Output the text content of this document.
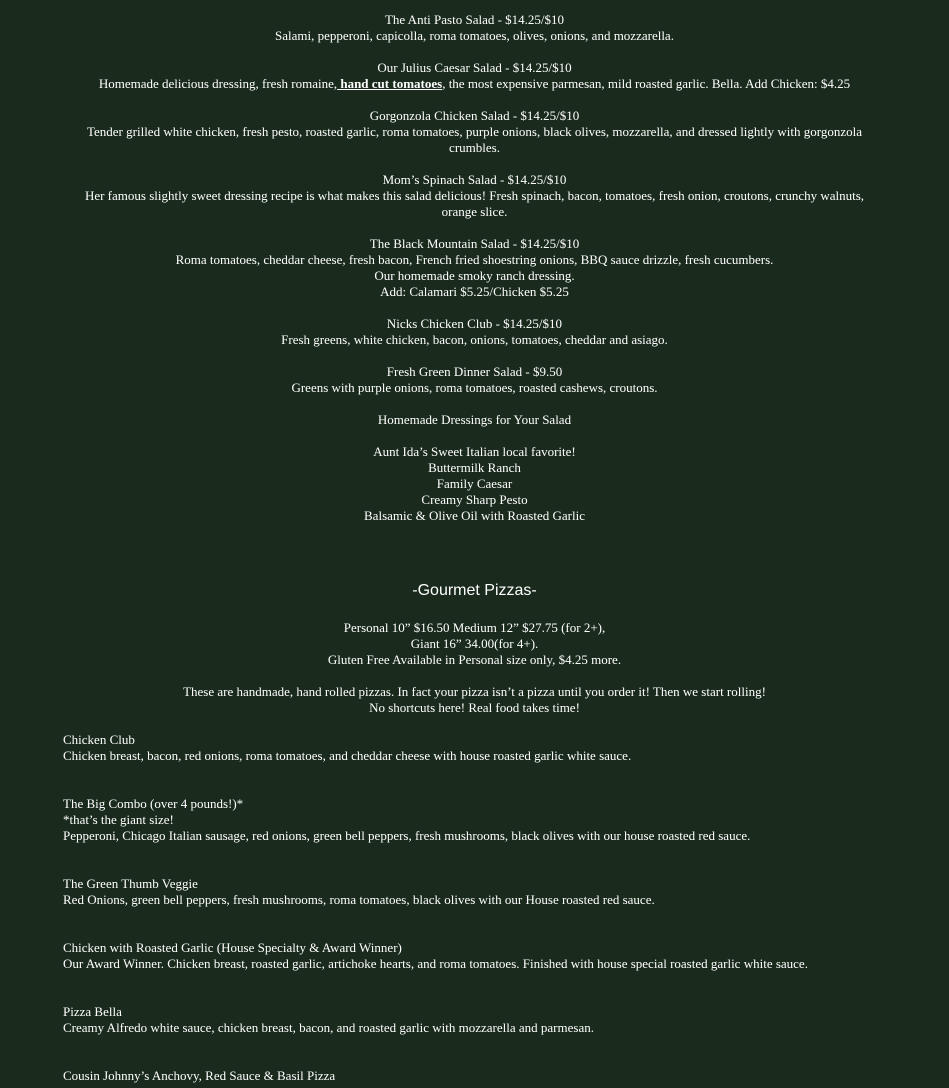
The Anti Pasto Salad - $14.25/$10
Salami, pepperoni, capicolla, roma tomatoes, olives, onions, and mozzarella.
Our Julius Caesar Salad - $14.25/$10
Homemade delicious dressing, fresh romaine, hand cut tomatoes, the most expensive parmesan, mild roasted garlic. Bella. Add Chicken: $4.25
Gorgonzola Chicken Salad - $14.25/$10
Tender grilled white chicken, fresh pesto, roasted garlic, roma tomatoes, purple onions, black olives, mozzarella, and dressed lightly with gorgonzola crumbles.
Mom’s Spinach Salad - $14.25/$10
Her famous slightly sweet dressing recipe is what makes this salad delicious! Fresh spinach, bacon, tomatoes, fresh onion, croutons, crunchy walnuts, orange slice.
The Black Mountain Salad - $14.25/$10
Roma tomatoes, cheddar cheese, fresh bacon, French fried shoestring onions, BBQ sauce drizzle, fresh cucumbers.
Our homemade smoky ranch dressing.
Add: Calamari $5.25/Chicken $5.25
Nicks Chicken Club - $14.25/$10
Fresh greens, white chicken, bacon, onions, tomatoes, cheddar and asiago.
Fresh Green Dinner Salad - $9.50
Greens with purple onions, roma tomatoes, roasted cashews, croutons.
Homemade Dressings for Your Salad
Aunt Ida’s Sweet Italian local favorite!
Buttermilk Ranch
Family Caesar
Creamy Sharp Pesto
Balsamic & Olive Oil with Roasted Garlic
-Gourmet Pizzas-
Personal 10” $16.50 Medium 12” $27.75 (for 2+),
Giant 16” 34.00(for 4+).
Gluten Free Available in Personal size only, $4.25 more.
These are handmade, hand rolled pizzas. In fact your pizza isn’t a pizza until you order it! Then we start rolling!
No shortcuts here! Real food takes time!
Chicken Club
Chicken breast, bacon, red onions, roma tomatoes, and cheddar cheese with house roasted garlic white sauce.
The Big Combo (over 4 pounds!)*
*that’s the giant size!
Pepperoni, Chicago Italian sausage, red onions, green bell peppers, fresh mushrooms, black olives with our house roasted red sauce.
The Green Thumb Veggie
Red Onions, green bell peppers, fresh mushrooms, roma tomatoes, black olives with our House roasted red sauce.
Chicken with Roasted Garlic (House Specialty & Award Winner)
Our Award Winner. Chicken breast, roasted garlic, artichoke hearts, and roma tomatoes. Finished with house special roasted garlic white sauce.
Pizza Bella
Creamy Alfredo white sauce, chicken breast, bacon, and roasted garlic with mozzarella and parmesan.
Cousin Johnny’s Anchovy, Red Sauce & Basil Pizza
